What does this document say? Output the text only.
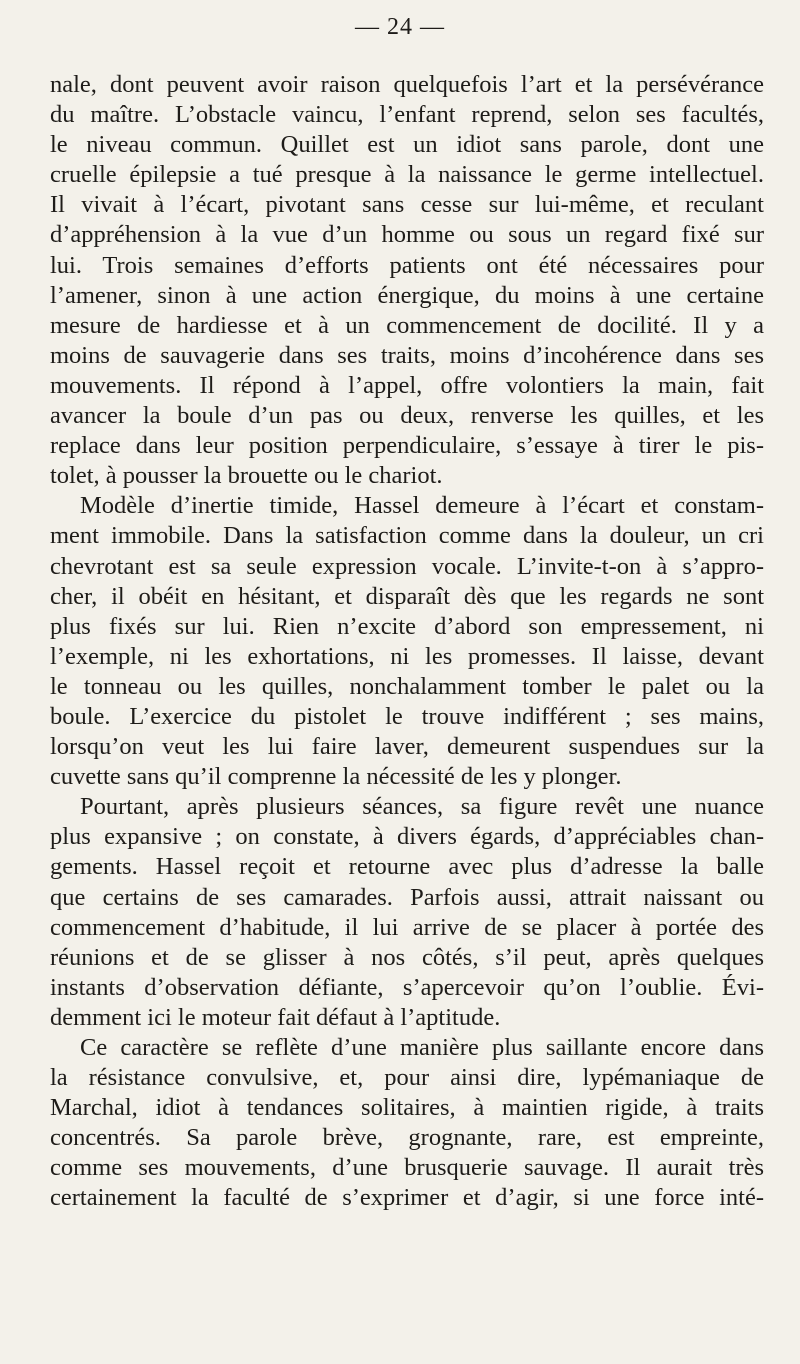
— 24 —
nale, dont peuvent avoir raison quelquefois l’art et la persévérance
du maître. L’obstacle vaincu, l’enfant reprend, selon ses facultés,
le niveau commun. Quillet est un idiot sans parole, dont une
cruelle épilepsie a tué presque à la naissance le germe intellectuel.
Il vivait à l’écart, pivotant sans cesse sur lui-même, et reculant
d’appréhension à la vue d’un homme ou sous un regard fixé sur
lui. Trois semaines d’efforts patients ont été nécessaires pour
l’amener, sinon à une action énergique, du moins à une certaine
mesure de hardiesse et à un commencement de docilité. Il y a
moins de sauvagerie dans ses traits, moins d’incohérence dans ses
mouvements. Il répond à l’appel, offre volontiers la main, fait
avancer la boule d’un pas ou deux, renverse les quilles, et les
replace dans leur position perpendiculaire, s’essaye à tirer le pis-
tolet, à pousser la brouette ou le chariot.
Modèle d’inertie timide, Hassel demeure à l’écart et constam-
ment immobile. Dans la satisfaction comme dans la douleur, un cri
chevrotant est sa seule expression vocale. L’invite-t-on à s’appro-
cher, il obéit en hésitant, et disparaît dès que les regards ne sont
plus fixés sur lui. Rien n’excite d’abord son empressement, ni
l’exemple, ni les exhortations, ni les promesses. Il laisse, devant
le tonneau ou les quilles, nonchalamment tomber le palet ou la
boule. L’exercice du pistolet le trouve indifférent ; ses mains,
lorsqu’on veut les lui faire laver, demeurent suspendues sur la
cuvette sans qu’il comprenne la nécessité de les y plonger.
Pourtant, après plusieurs séances, sa figure revêt une nuance
plus expansive ; on constate, à divers égards, d’appréciables chan-
gements. Hassel reçoit et retourne avec plus d’adresse la balle
que certains de ses camarades. Parfois aussi, attrait naissant ou
commencement d’habitude, il lui arrive de se placer à portée des
réunions et de se glisser à nos côtés, s’il peut, après quelques
instants d’observation défiante, s’apercevoir qu’on l’oublie. Évi-
demment ici le moteur fait défaut à l’aptitude.
Ce caractère se reflète d’une manière plus saillante encore dans
la résistance convulsive, et, pour ainsi dire, lypémaniaque de
Marchal, idiot à tendances solitaires, à maintien rigide, à traits
concentrés. Sa parole brève, grognante, rare, est empreinte,
comme ses mouvements, d’une brusquerie sauvage. Il aurait très
certainement la faculté de s’exprimer et d’agir, si une force inté-
